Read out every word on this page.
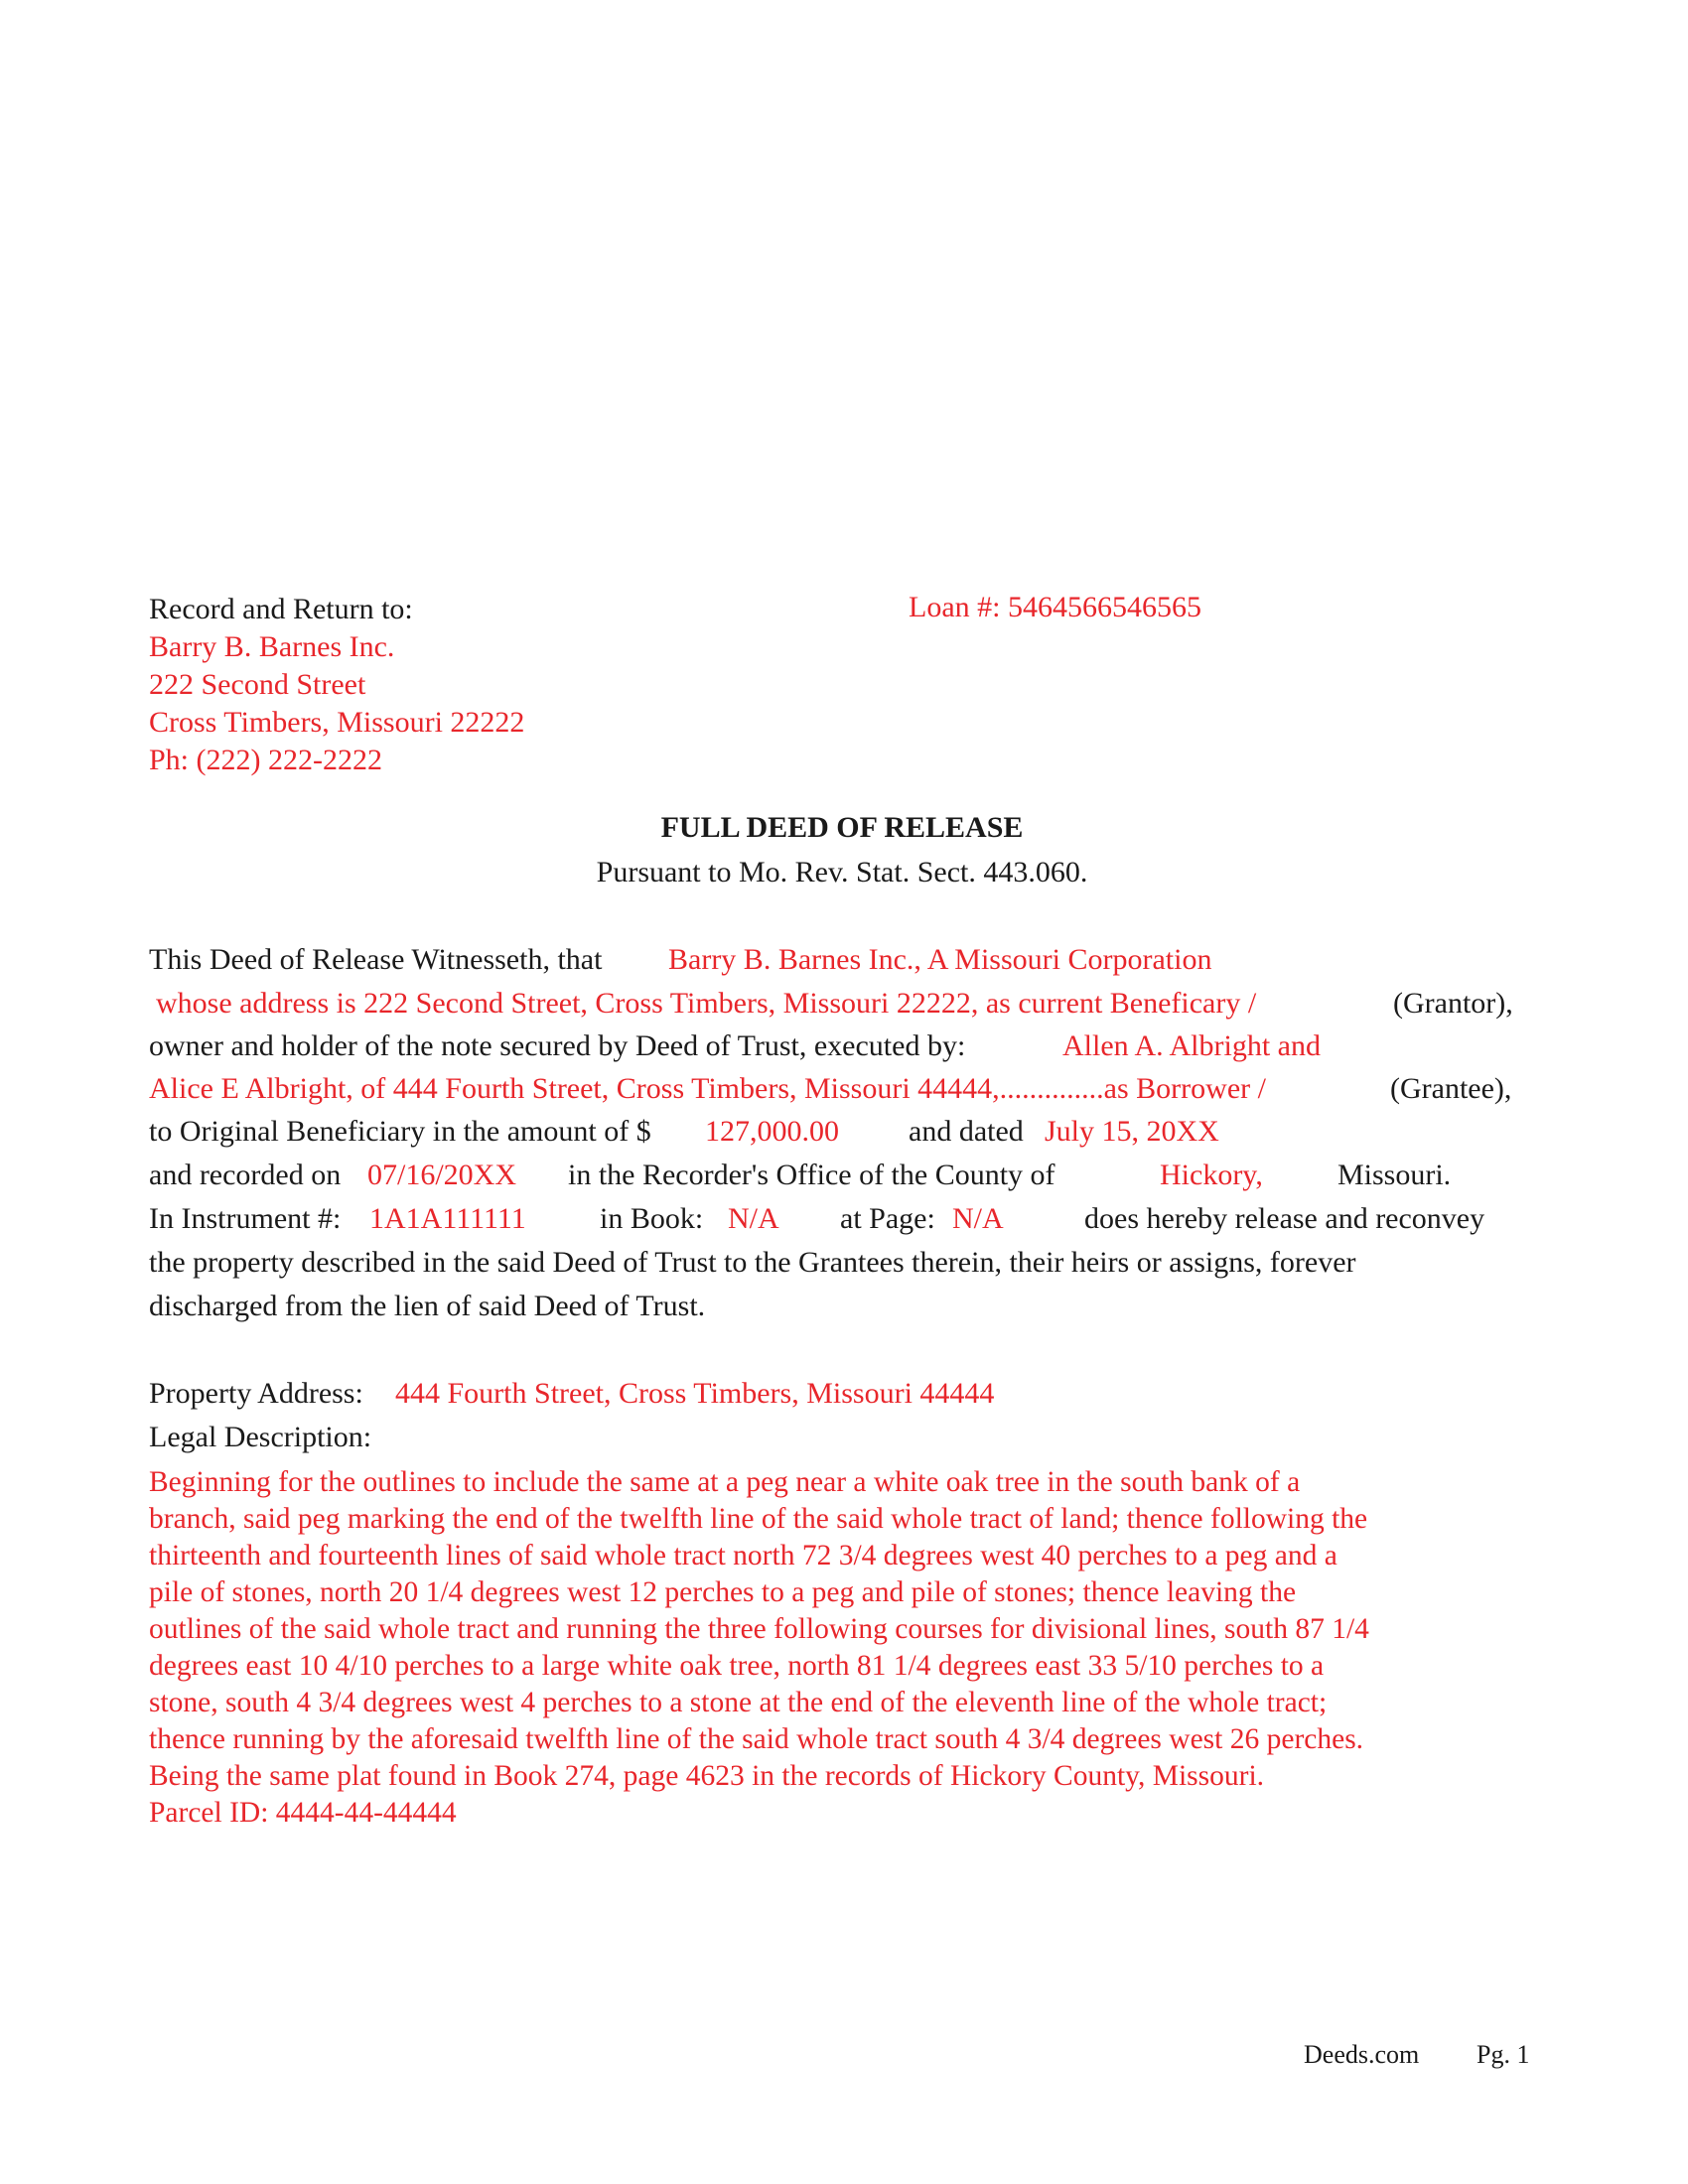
Record and Return to:
Barry B. Barnes Inc.
222 Second Street
Cross Timbers, Missouri 22222
Ph: (222) 222-2222
Loan #: 5464566546565
FULL DEED OF RELEASE
Pursuant to Mo. Rev. Stat. Sect. 443.060.
This Deed of Release Witnesseth, that Barry B. Barnes Inc., A Missouri Corporation
whose address is 222 Second Street, Cross Timbers, Missouri 22222, as current Beneficary /	(Grantor),
owner and holder of the note secured by Deed of Trust, executed by:	Allen A. Albright and
Alice E Albright, of 444 Fourth Street, Cross Timbers, Missouri 44444,..............as Borrower /	(Grantee),
to Original Beneficiary in the amount of $ 127,000.00 and dated July 15, 20XX
and recorded on 07/16/20XX in the Recorder's Office of the County of	Hickory,	Missouri.
In Instrument #: 1A1A111111 in Book: N/A at Page: N/A	does hereby release and reconvey
the property described in the said Deed of Trust to the Grantees therein, their heirs or assigns, forever
discharged from the lien of said Deed of Trust.
Property Address: 444 Fourth Street, Cross Timbers, Missouri 44444
Legal Description:
Beginning for the outlines to include the same at a peg near a white oak tree in the south bank of a
branch, said peg marking the end of the twelfth line of the said whole tract of land; thence following the
thirteenth and fourteenth lines of said whole tract north 72 3/4 degrees west 40 perches to a peg and a
pile of stones, north 20 1/4 degrees west 12 perches to a peg and pile of stones; thence leaving the
outlines of the said whole tract and running the three following courses for divisional lines, south 87 1/4
degrees east 10 4/10 perches to a large white oak tree, north 81 1/4 degrees east 33 5/10 perches to a
stone, south 4 3/4 degrees west 4 perches to a stone at the end of the eleventh line of the whole tract;
thence running by the aforesaid twelfth line of the said whole tract south 4 3/4 degrees west 26 perches.
Being the same plat found in Book 274, page 4623 in the records of Hickory County, Missouri.
Parcel ID: 4444-44-44444
Deeds.com Pg. 1
